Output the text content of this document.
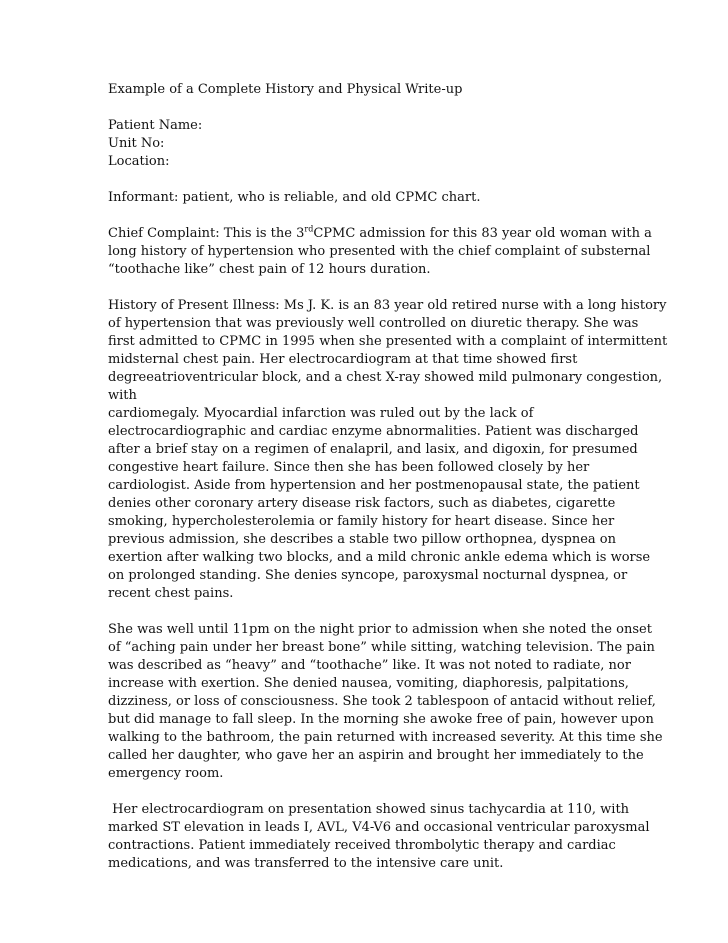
Example of a Complete History and Physical Write-up

Patient Name:
Unit No:
Location:

Informant: patient, who is reliable, and old CPMC chart.

Chief Complaint: This is the 3rdCPMC admission for this 83 year old woman with a
long history of hypertension who presented with the chief complaint of substernal
“toothache like” chest pain of 12 hours duration.

History of Present Illness: Ms J. K. is an 83 year old retired nurse with a long history
of hypertension that was previously well controlled on diuretic therapy. She was
first admitted to CPMC in 1995 when she presented with a complaint of intermittent
midsternal chest pain. Her electrocardiogram at that time showed first
degreeatrioventricular block, and a chest X-ray showed mild pulmonary congestion,
with
cardiomegaly. Myocardial infarction was ruled out by the lack of
electrocardiographic and cardiac enzyme abnormalities. Patient was discharged
after a brief stay on a regimen of enalapril, and lasix, and digoxin, for presumed
congestive heart failure. Since then she has been followed closely by her
cardiologist. Aside from hypertension and her postmenopausal state, the patient
denies other coronary artery disease risk factors, such as diabetes, cigarette
smoking, hypercholesterolemia or family history for heart disease. Since her
previous admission, she describes a stable two pillow orthopnea, dyspnea on
exertion after walking two blocks, and a mild chronic ankle edema which is worse
on prolonged standing. She denies syncope, paroxysmal nocturnal dyspnea, or
recent chest pains.

She was well until 11pm on the night prior to admission when she noted the onset
of “aching pain under her breast bone” while sitting, watching television. The pain
was described as “heavy” and “toothache” like. It was not noted to radiate, nor
increase with exertion. She denied nausea, vomiting, diaphoresis, palpitations,
dizziness, or loss of consciousness. She took 2 tablespoon of antacid without relief,
but did manage to fall sleep. In the morning she awoke free of pain, however upon
walking to the bathroom, the pain returned with increased severity. At this time she
called her daughter, who gave her an aspirin and brought her immediately to the
emergency room.

Her electrocardiogram on presentation showed sinus tachycardia at 110, with
marked ST elevation in leads I, AVL, V4-V6 and occasional ventricular paroxysmal
contractions. Patient immediately received thrombolytic therapy and cardiac
medications, and was transferred to the intensive care unit.
